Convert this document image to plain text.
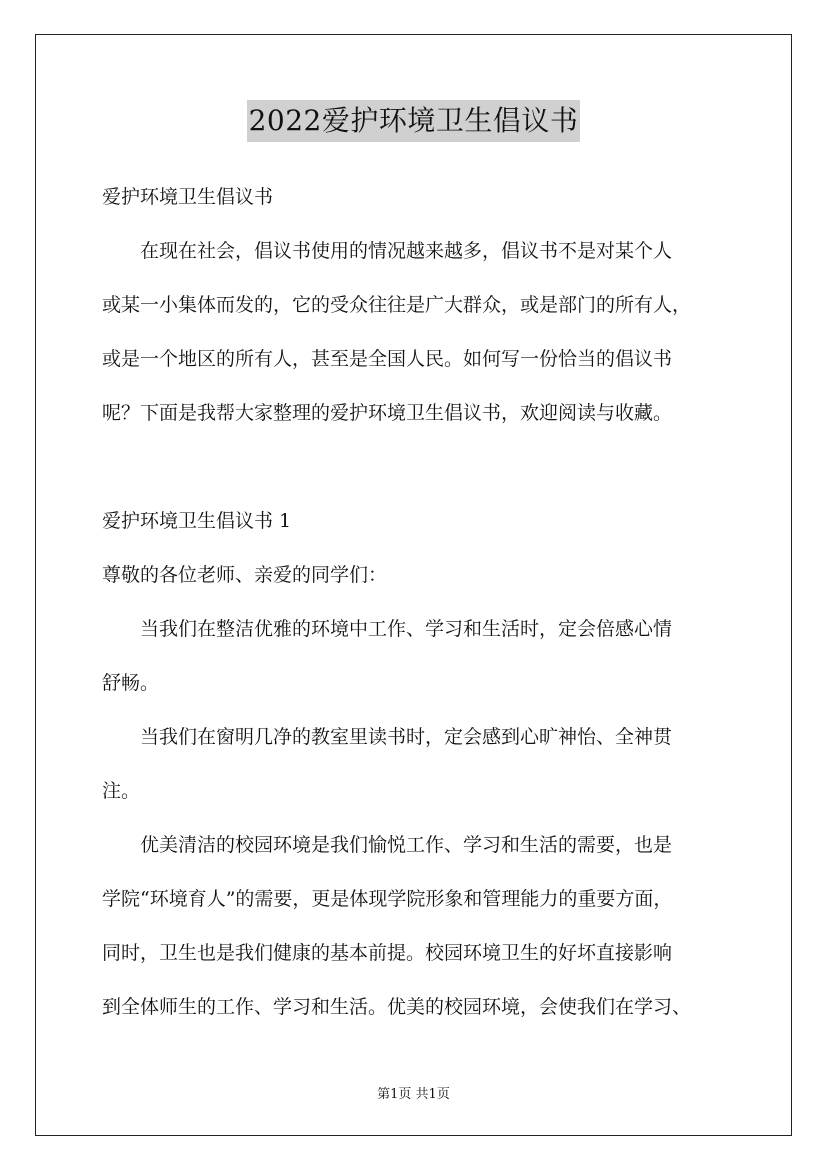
2022爱护环境卫生倡议书

爱护环境卫生倡议书

在现在社会，倡议书使用的情况越来越多，倡议书不是对某个人

或某一小集体而发的，它的受众往往是广大群众，或是部门的所有人，

或是一个地区的所有人，甚至是全国人民。如何写一份恰当的倡议书

呢？下面是我帮大家整理的爱护环境卫生倡议书，欢迎阅读与收藏。

爱护环境卫生倡议书 1

尊敬的各位老师、亲爱的同学们：

当我们在整洁优雅的环境中工作、学习和生活时，定会倍感心情

舒畅。

当我们在窗明几净的教室里读书时，定会感到心旷神怡、全神贯

注。

优美清洁的校园环境是我们愉悦工作、学习和生活的需要，也是

学院“环境育人”的需要，更是体现学院形象和管理能力的重要方面，

同时，卫生也是我们健康的基本前提。校园环境卫生的好坏直接影响

到全体师生的工作、学习和生活。优美的校园环境，会使我们在学习、

第1页 共1页
